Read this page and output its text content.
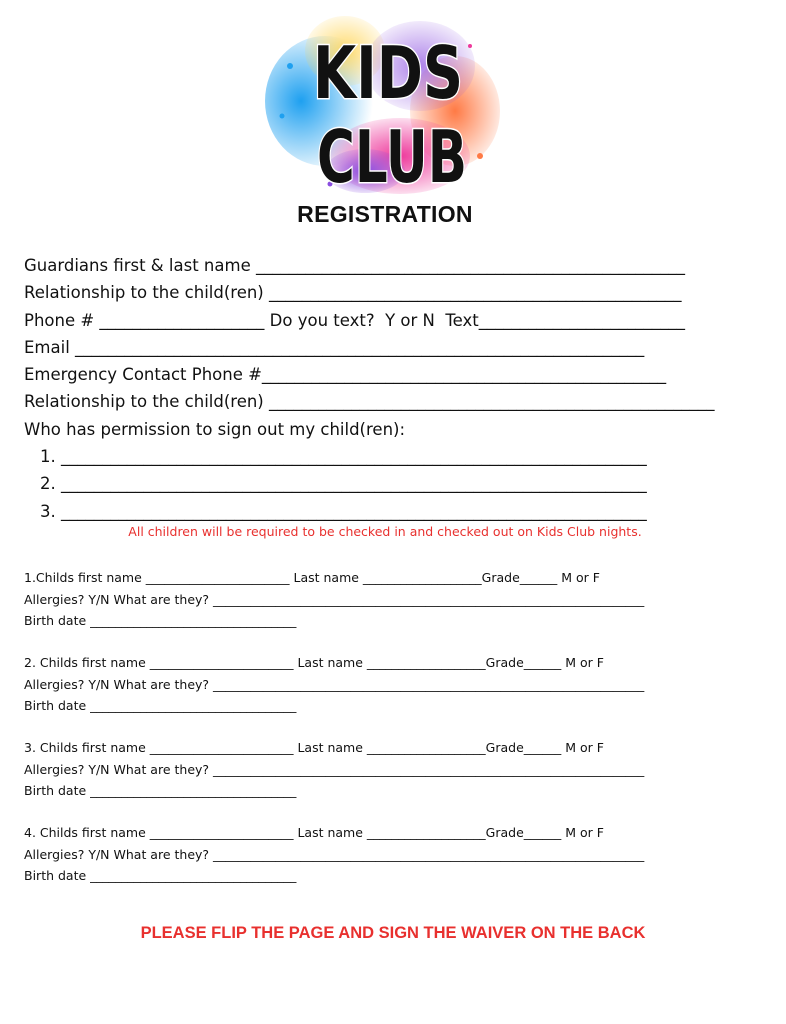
KIDS
CLUB
REGISTRATION
Guardians first & last name ____________________________________________________
Relationship to the child(ren) __________________________________________________
Phone # ____________________ Do you text?  Y or N  Text_________________________
Email _____________________________________________________________________
Emergency Contact Phone #_________________________________________________
Relationship to the child(ren) ______________________________________________________
Who has permission to sign out my child(ren):
1. _______________________________________________________________________
2. _______________________________________________________________________
3. _______________________________________________________________________
All children will be required to be checked in and checked out on Kids Club nights.
1.Childs first name _______________________ Last name ___________________Grade______ M or F
Allergies? Y/N What are they? _____________________________________________________________________
Birth date _________________________________
2. Childs first name _______________________ Last name ___________________Grade______ M or F
Allergies? Y/N What are they? _____________________________________________________________________
Birth date _________________________________
3. Childs first name _______________________ Last name ___________________Grade______ M or F
Allergies? Y/N What are they? _____________________________________________________________________
Birth date _________________________________
4. Childs first name _______________________ Last name ___________________Grade______ M or F
Allergies? Y/N What are they? _____________________________________________________________________
Birth date _________________________________
PLEASE FLIP THE PAGE AND SIGN THE WAIVER ON THE BACK
